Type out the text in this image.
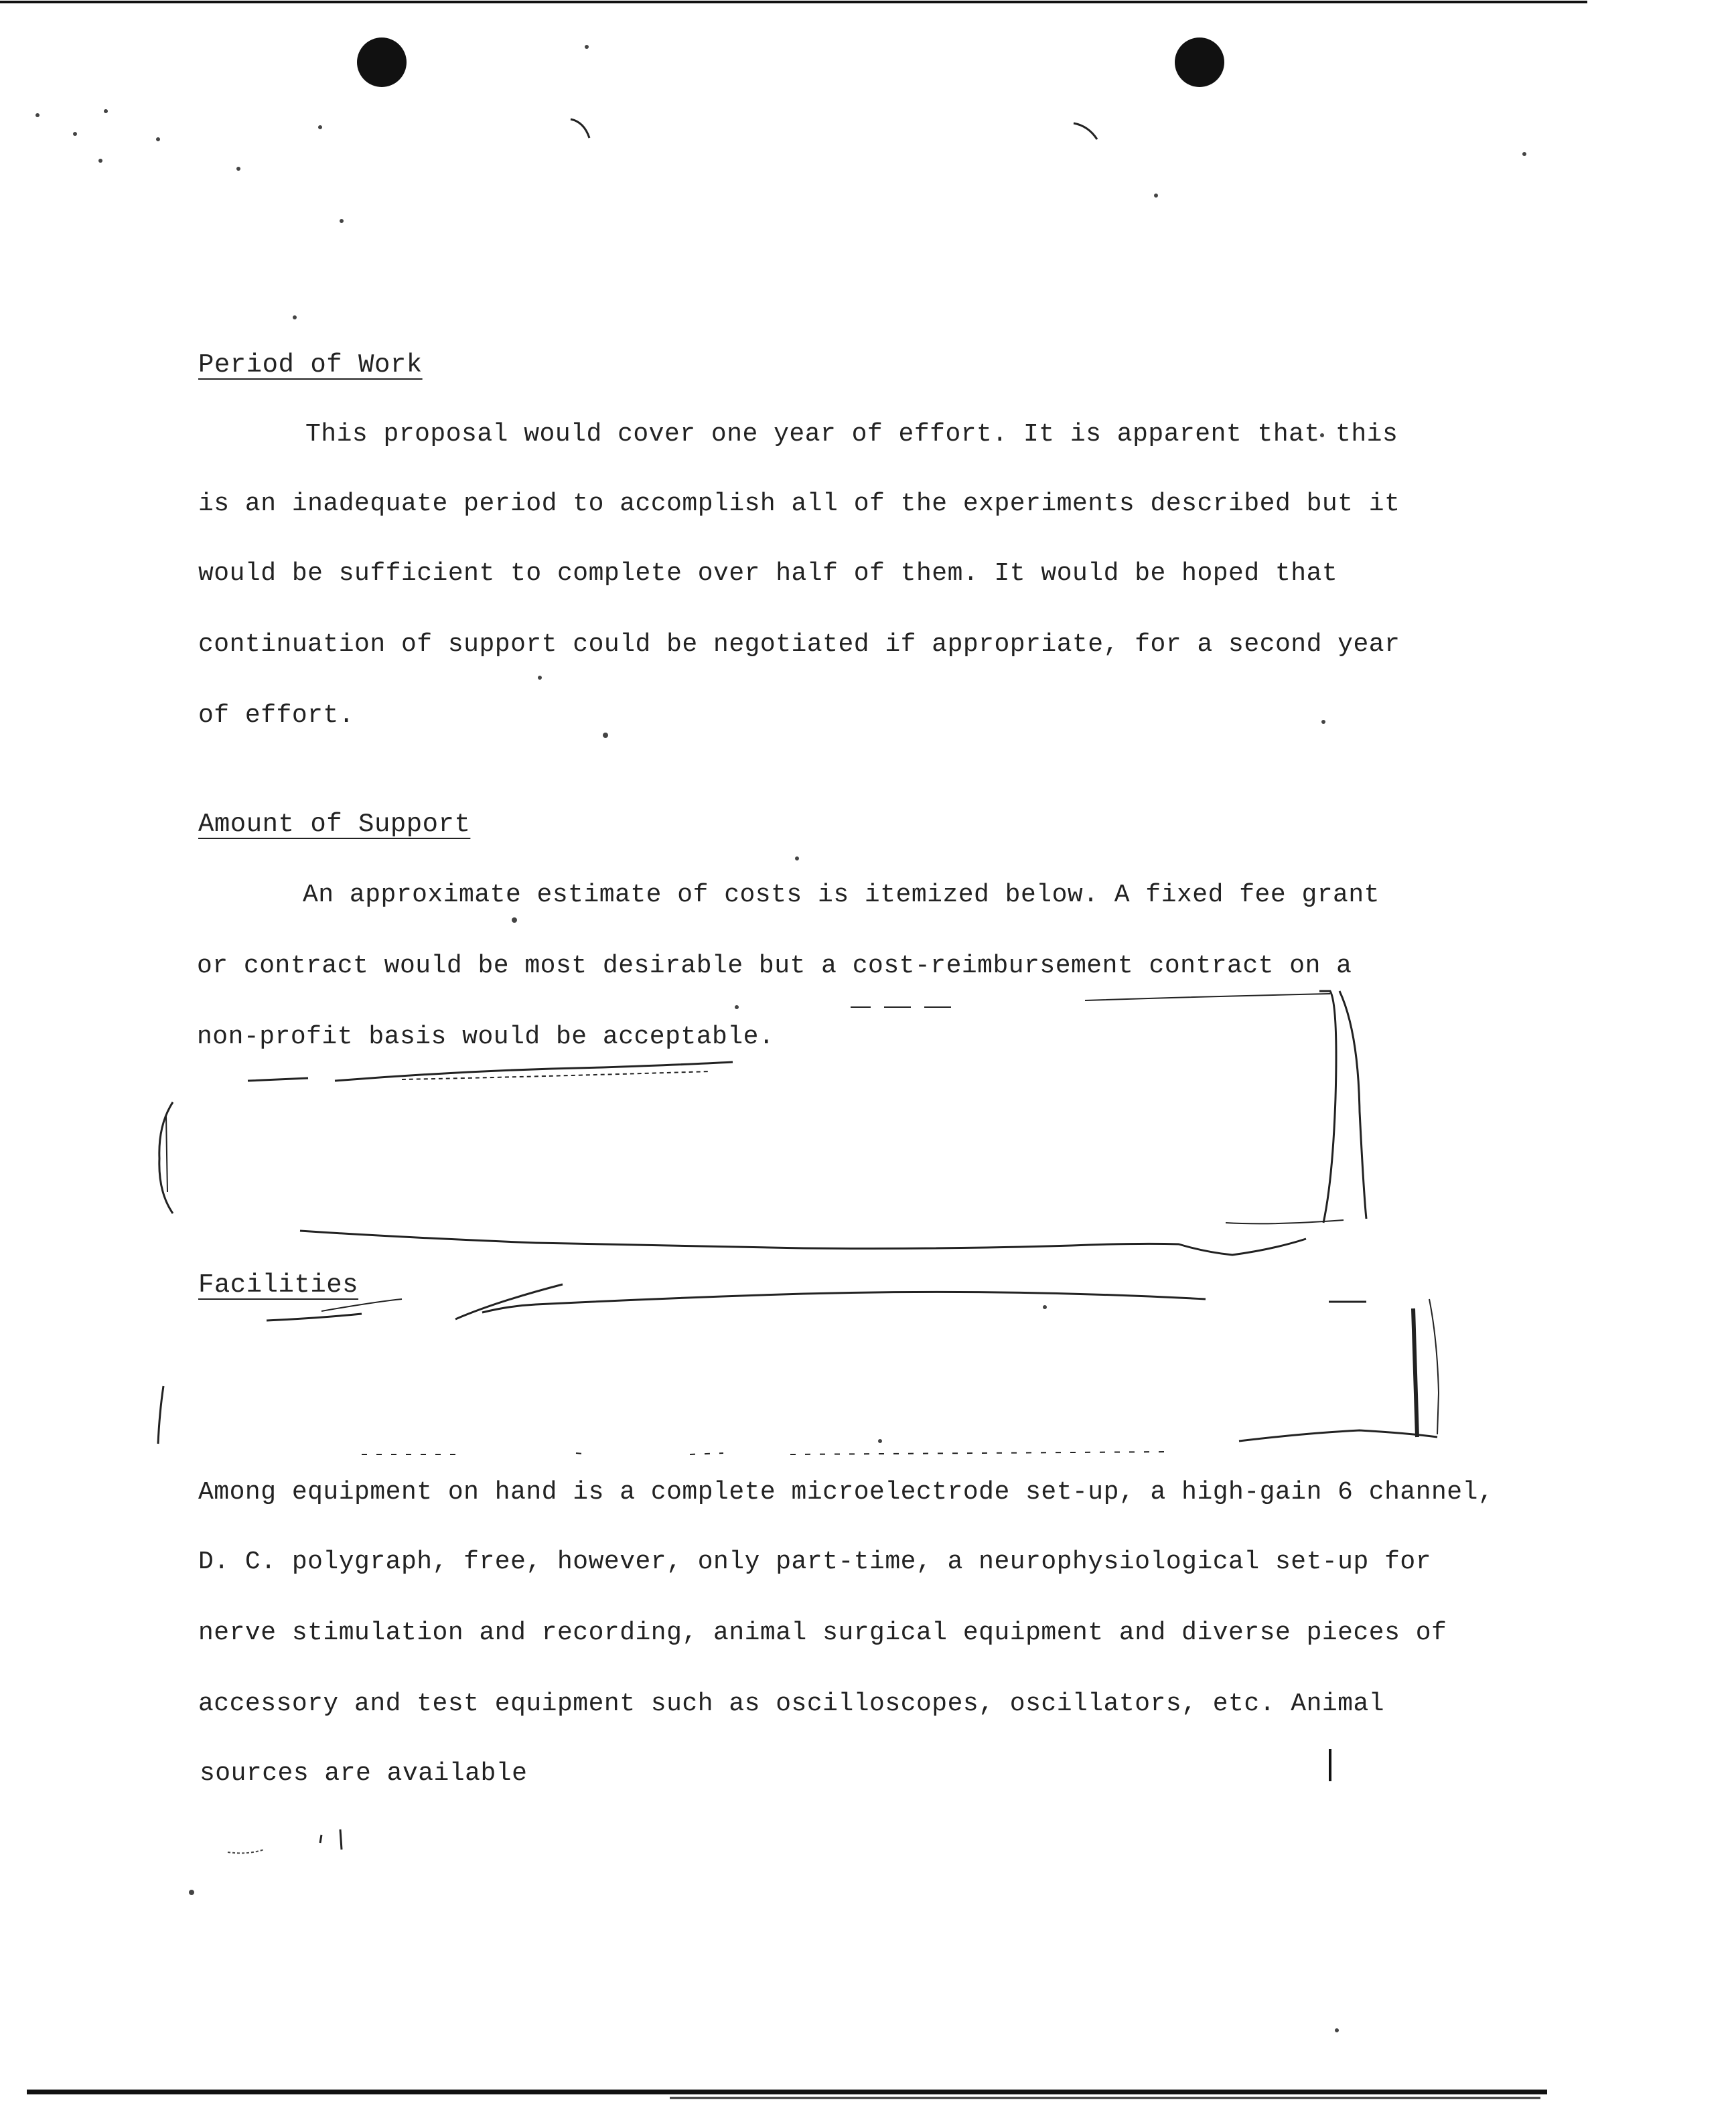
Period of Work
This proposal would cover one year of effort. It is apparent that this
is an inadequate period to accomplish all of the experiments described but it
would be sufficient to complete over half of them. It would be hoped that
continuation of support could be negotiated if appropriate, for a second year
of effort.
Amount of Support
An approximate estimate of costs is itemized below. A fixed fee grant
or contract would be most desirable but a cost-reimbursement contract on a
non-profit basis would be acceptable.
Facilities
Among equipment on hand is a complete microelectrode set-up, a high-gain 6 channel,
D. C. polygraph, free, however, only part-time, a neurophysiological set-up for
nerve stimulation and recording, animal surgical equipment and diverse pieces of
accessory and test equipment such as oscilloscopes, oscillators, etc. Animal
sources are available
